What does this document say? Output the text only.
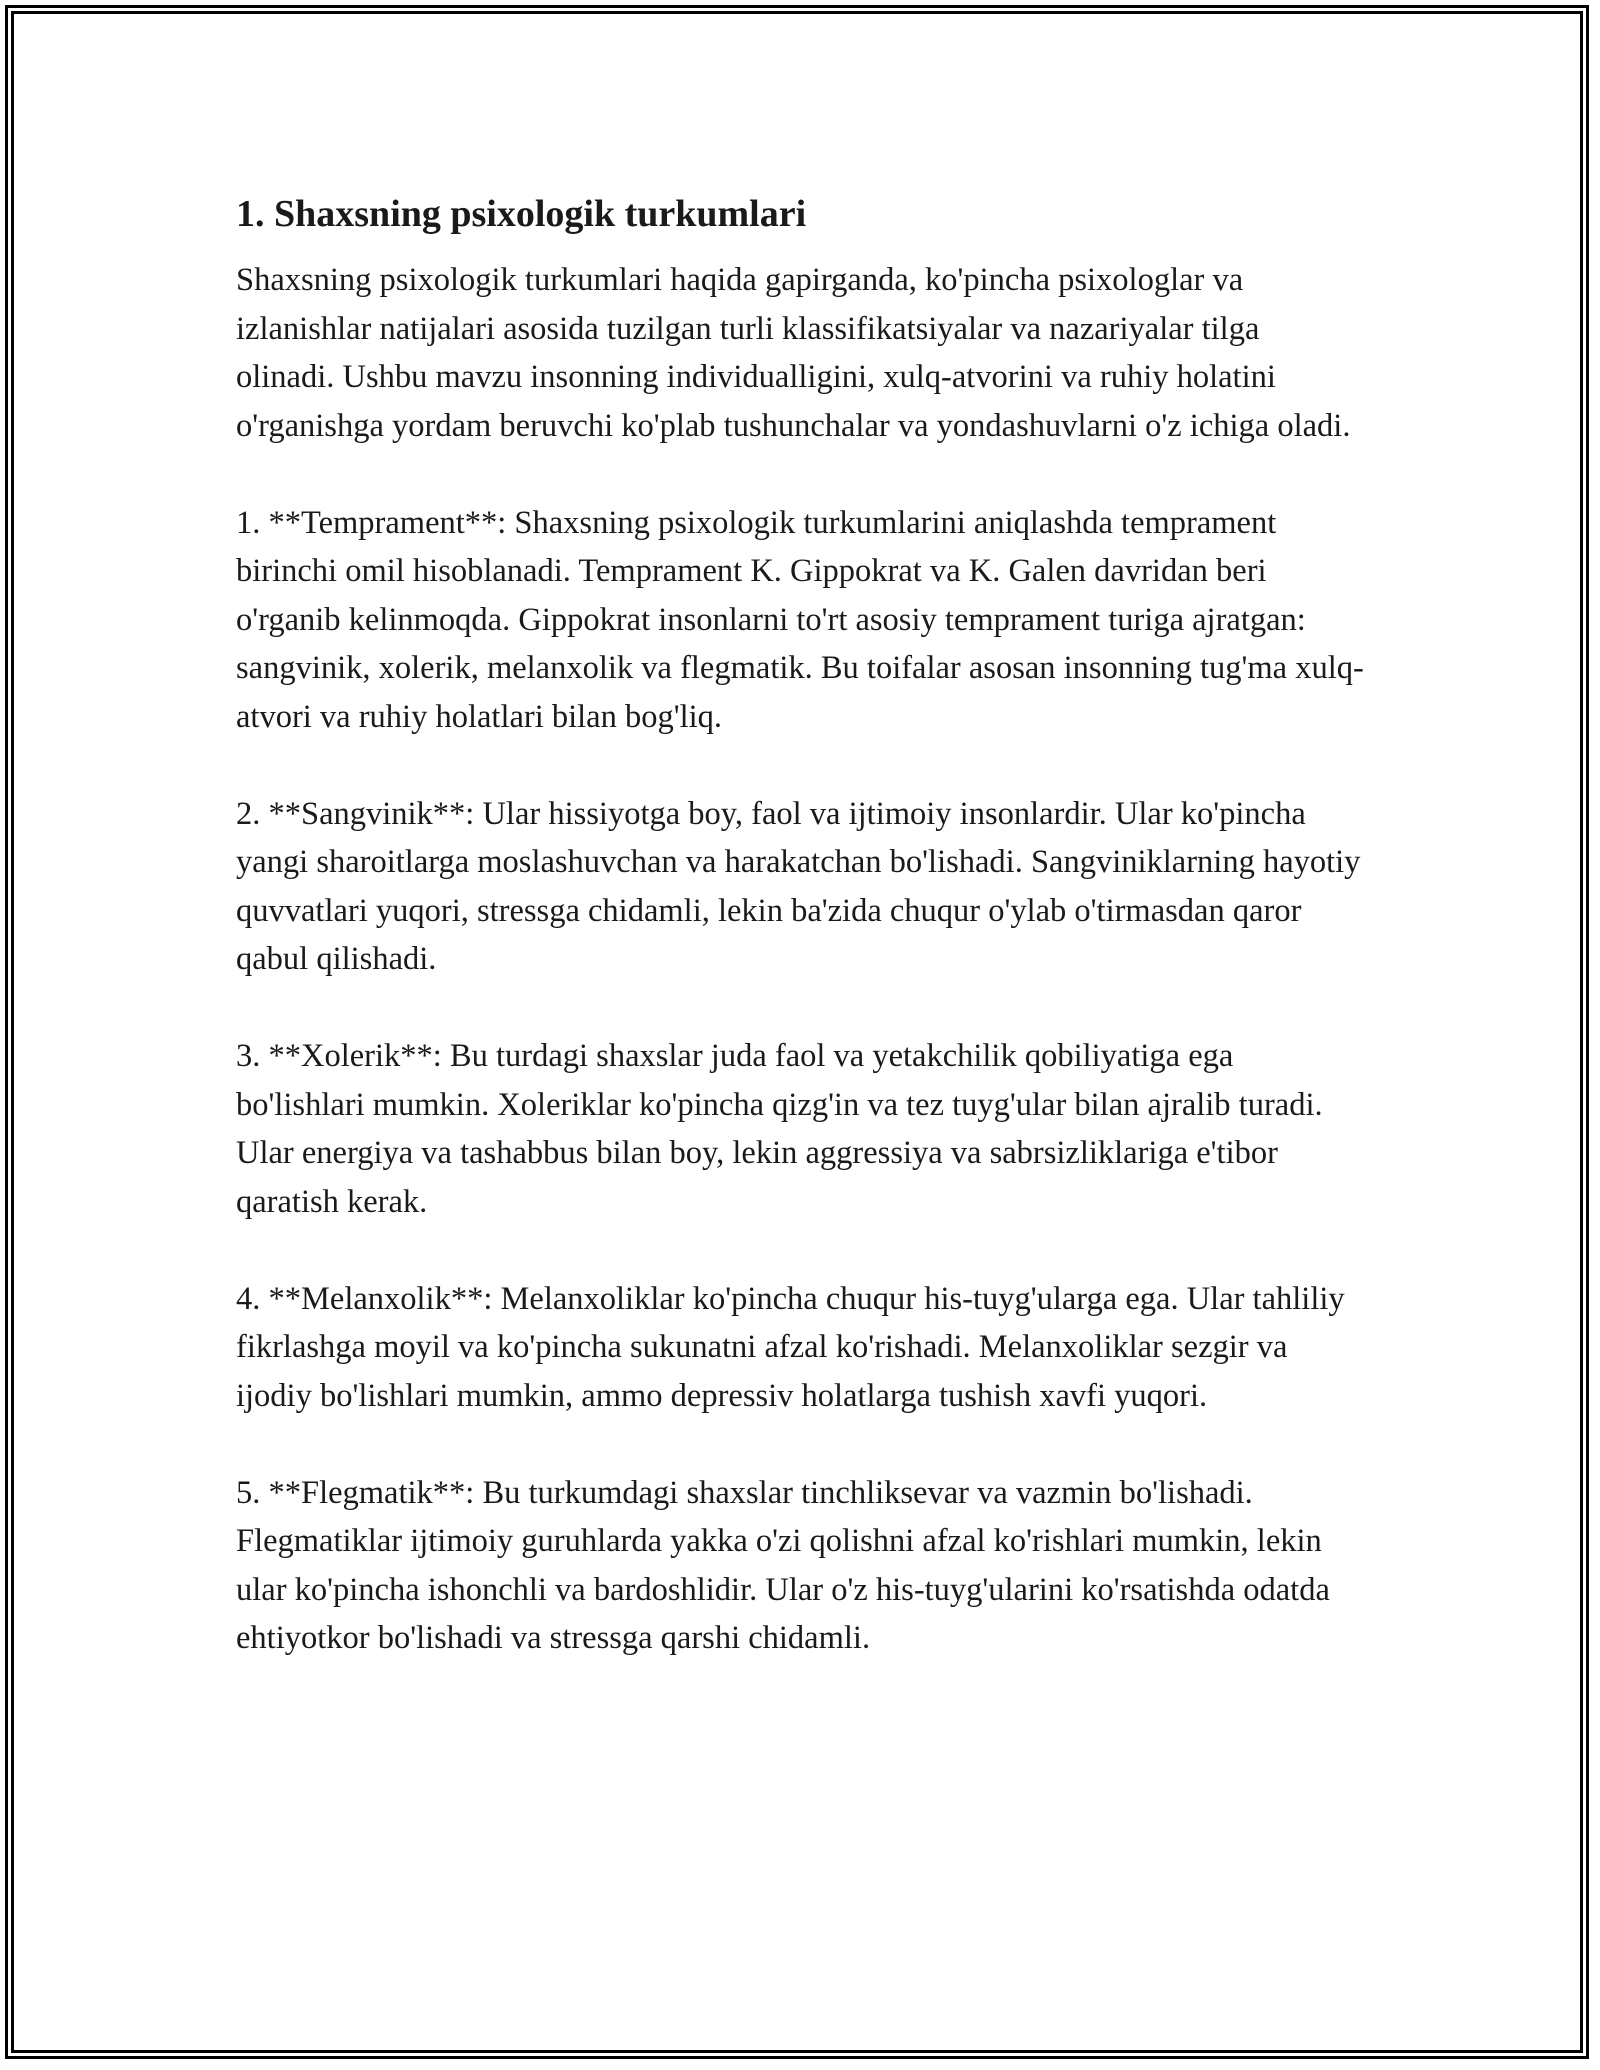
1. Shaxsning psixologik turkumlari

Shaxsning psixologik turkumlari haqida gapirganda, ko'pincha psixologlar va izlanishlar natijalari asosida tuzilgan turli klassifikatsiyalar va nazariyalar tilga olinadi. Ushbu mavzu insonning individualligini, xulq-atvorini va ruhiy holatini o'rganishga yordam beruvchi ko'plab tushunchalar va yondashuvlarni o'z ichiga oladi.

1. **Temprament**: Shaxsning psixologik turkumlarini aniqlashda temprament birinchi omil hisoblanadi. Temprament K. Gippokrat va K. Galen davridan beri o'rganib kelinmoqda. Gippokrat insonlarni to'rt asosiy temprament turiga ajratgan: sangvinik, xolerik, melanxolik va flegmatik. Bu toifalar asosan insonning tug'ma xulq-atvori va ruhiy holatlari bilan bog'liq.

2. **Sangvinik**: Ular hissiyotga boy, faol va ijtimoiy insonlardir. Ular ko'pincha yangi sharoitlarga moslashuvchan va harakatchan bo'lishadi. Sangviniklarning hayotiy quvvatlari yuqori, stressga chidamli, lekin ba'zida chuqur o'ylab o'tirmasdan qaror qabul qilishadi.

3. **Xolerik**: Bu turdagi shaxslar juda faol va yetakchilik qobiliyatiga ega bo'lishlari mumkin. Xoleriklar ko'pincha qizg'in va tez tuyg'ular bilan ajralib turadi. Ular energiya va tashabbus bilan boy, lekin aggressiya va sabrsizliklariga e'tibor qaratish kerak.

4. **Melanxolik**: Melanxoliklar ko'pincha chuqur his-tuyg'ularga ega. Ular tahliliy fikrlashga moyil va ko'pincha sukunatni afzal ko'rishadi. Melanxoliklar sezgir va ijodiy bo'lishlari mumkin, ammo depressiv holatlarga tushish xavfi yuqori.

5. **Flegmatik**: Bu turkumdagi shaxslar tinchliksevar va vazmin bo'lishadi. Flegmatiklar ijtimoiy guruhlarda yakka o'zi qolishni afzal ko'rishlari mumkin, lekin ular ko'pincha ishonchli va bardoshlidir. Ular o'z his-tuyg'ularini ko'rsatishda odatda ehtiyotkor bo'lishadi va stressga qarshi chidamli.
